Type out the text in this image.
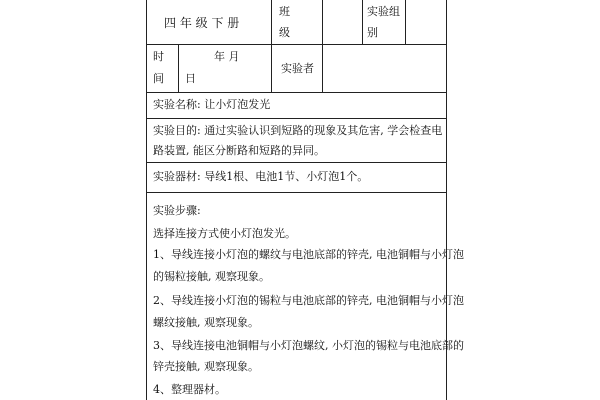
四 年 级 下 册
班
级
实验组
别
时
间
年 月
日
实验者
实验名称: 让小灯泡发光
实验目的: 通过实验认识到短路的现象及其危害, 学会检查电
路装置, 能区分断路和短路的异同。
实验器材: 导线1根、电池1节、小灯泡1个。
实验步骤:
选择连接方式使小灯泡发光。
1、导线连接小灯泡的螺纹与电池底部的锌壳, 电池铜帽与小灯泡
的锡粒接触, 观察现象。
2、导线连接小灯泡的锡粒与电池底部的锌壳, 电池铜帽与小灯泡
螺纹接触, 观察现象。
3、导线连接电池铜帽与小灯泡螺纹, 小灯泡的锡粒与电池底部的
锌壳接触, 观察现象。
4、整理器材。
